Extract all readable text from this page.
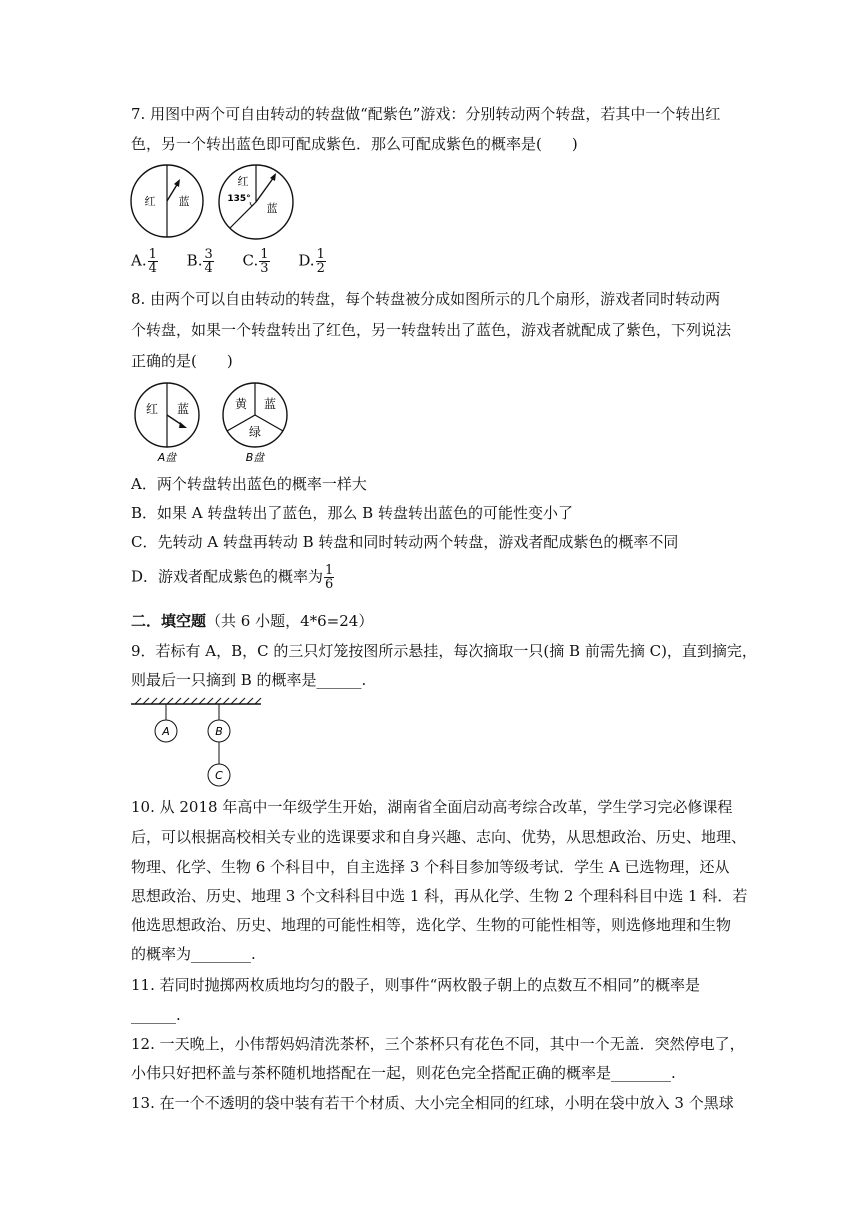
7. 用图中两个可自由转动的转盘做“配紫色”游戏：分别转动两个转盘，若其中一个转出红
色，另一个转出蓝色即可配成紫色．那么可配成紫色的概率是(　　)
红 蓝
红
135°
蓝
A. $\frac{1}{4} B$. $\frac{3}{4} C$. $\frac{1}{3} D$. $\frac{1}{2}$
8. 由两个可以自由转动的转盘，每个转盘被分成如图所示的几个扇形，游戏者同时转动两
个转盘，如果一个转盘转出了红色，另一转盘转出了蓝色，游戏者就配成了紫色，下列说法
正确的是(　　)
红 蓝
A盘
黄 蓝
绿
B盘
A．两个转盘转出蓝色的概率一样大
B．如果 A 转盘转出了蓝色，那么 B 转盘转出蓝色的可能性变小了
C．先转动 A 转盘再转动 B 转盘和同时转动两个转盘，游戏者配成紫色的概率不同
D．游戏者配成紫色的概率为 $\frac{1}{6}$
二．填空题（共 6 小题，4*6=24）
9．若标有 A，B，C 的三只灯笼按图所示悬挂，每次摘取一只(摘 B 前需先摘 C)，直到摘完，
则最后一只摘到 B 的概率是______.
A	B
C
10. 从 2018 年高中一年级学生开始，湖南省全面启动高考综合改革，学生学习完必修课程
后，可以根据高校相关专业的选课要求和自身兴趣、志向、优势，从思想政治、历史、地理、
物理、化学、生物 6 个科目中，自主选择 3 个科目参加等级考试．学生 A 已选物理，还从
思想政治、历史、地理 3 个文科科目中选 1 科，再从化学、生物 2 个理科科目中选 1 科．若
他选思想政治、历史、地理的可能性相等，选化学、生物的可能性相等，则选修地理和生物
的概率为________.
11. 若同时抛掷两枚质地均匀的骰子，则事件“两枚骰子朝上的点数互不相同”的概率是
______.
12. 一天晚上，小伟帮妈妈清洗茶杯，三个茶杯只有花色不同，其中一个无盖．突然停电了，
小伟只好把杯盖与茶杯随机地搭配在一起，则花色完全搭配正确的概率是________.
13. 在一个不透明的袋中装有若干个材质、大小完全相同的红球，小明在袋中放入 3 个黑球
